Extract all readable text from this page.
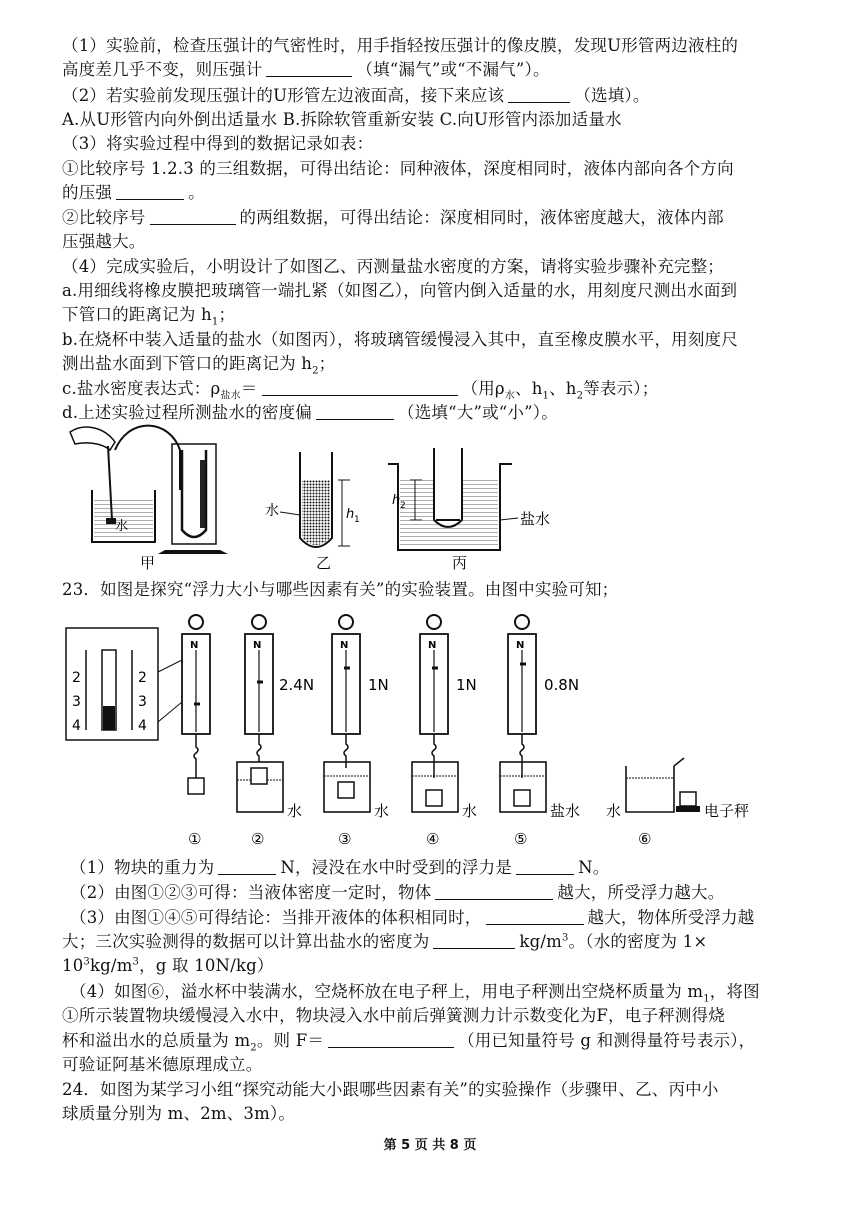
（1）实验前，检查压强计的气密性时，用手指轻按压强计的像皮膜，发现U形管两边液柱的
高度差几乎不变，则压强计	（填“漏气”或“不漏气”）。
（2）若实验前发现压强计的U形管左边液面高，接下来应该	（选填）。
A.从U形管内向外倒出适量水 B.拆除软管重新安装 C.向U形管内添加适量水
（3）将实验过程中得到的数据记录如表：
①比较序号 1.2.3 的三组数据，可得出结论：同种液体，深度相同时，液体内部向各个方向
的压强	。
②比较序号	的两组数据，可得出结论：深度相同时，液体密度越大，液体内部
压强越大。
（4）完成实验后，小明设计了如图乙、丙测量盐水密度的方案，请将实验步骤补充完整；
a.用细线将橡皮膜把玻璃管一端扎紧（如图乙），向管内倒入适量的水，用刻度尺测出水面到
下管口的距离记为 $h_1$；
b.在烧杯中装入适量的盐水（如图丙），将玻璃管缓慢浸入其中，直至橡皮膜水平，用刻度尺
测出盐水面到下管口的距离记为 $h_2$；
c.盐水密度表达式：$\rho_{盐水}=$	（用$\rho_水$、$h_1$、$h_2$等表示）；
d.上述实验过程所测盐水的密度偏	（选填“大”或“小”）。
水
甲
水	h 1
乙
h 2
盐水
丙
23．如图是探究“浮力大小与哪些因素有关”的实验装置。由图中实验可知；
2
3
4
2
3
4
N	N
2.4N
水
N
1N
水
N
1N
水
N
0.8N
盐水 水	电子秤
①	②	③	④	⑤	⑥
（1）物块的重力为	N，浸没在水中时受到的浮力是	N。
（2）由图①②③可得：当液体密度一定时，物体	越大，所受浮力越大。
（3）由图①④⑤可得结论：当排开液体的体积相同时，	越大，物体所受浮力越
大；三次实验测得的数据可以计算出盐水的密度为	$kg/m^3$。（水的密度为 1×
$10^3kg/m^3$，g 取 10N/kg）
（4）如图⑥，溢水杯中装满水，空烧杯放在电子秤上，用电子秤测出空烧杯质量为 $m_1$，将图
①所示装置物块缓慢浸入水中，物块浸入水中前后弹簧测力计示数变化为F，电子秤测得烧
杯和溢出水的总质量为 $m_2$。则 F＝	（用已知量符号 g 和测得量符号表示），
可验证阿基米德原理成立。
24．如图为某学习小组“探究动能大小跟哪些因素有关”的实验操作（步骤甲、乙、丙中小
球质量分别为 m、2m、3m）。
第 5 页 共 8 页
